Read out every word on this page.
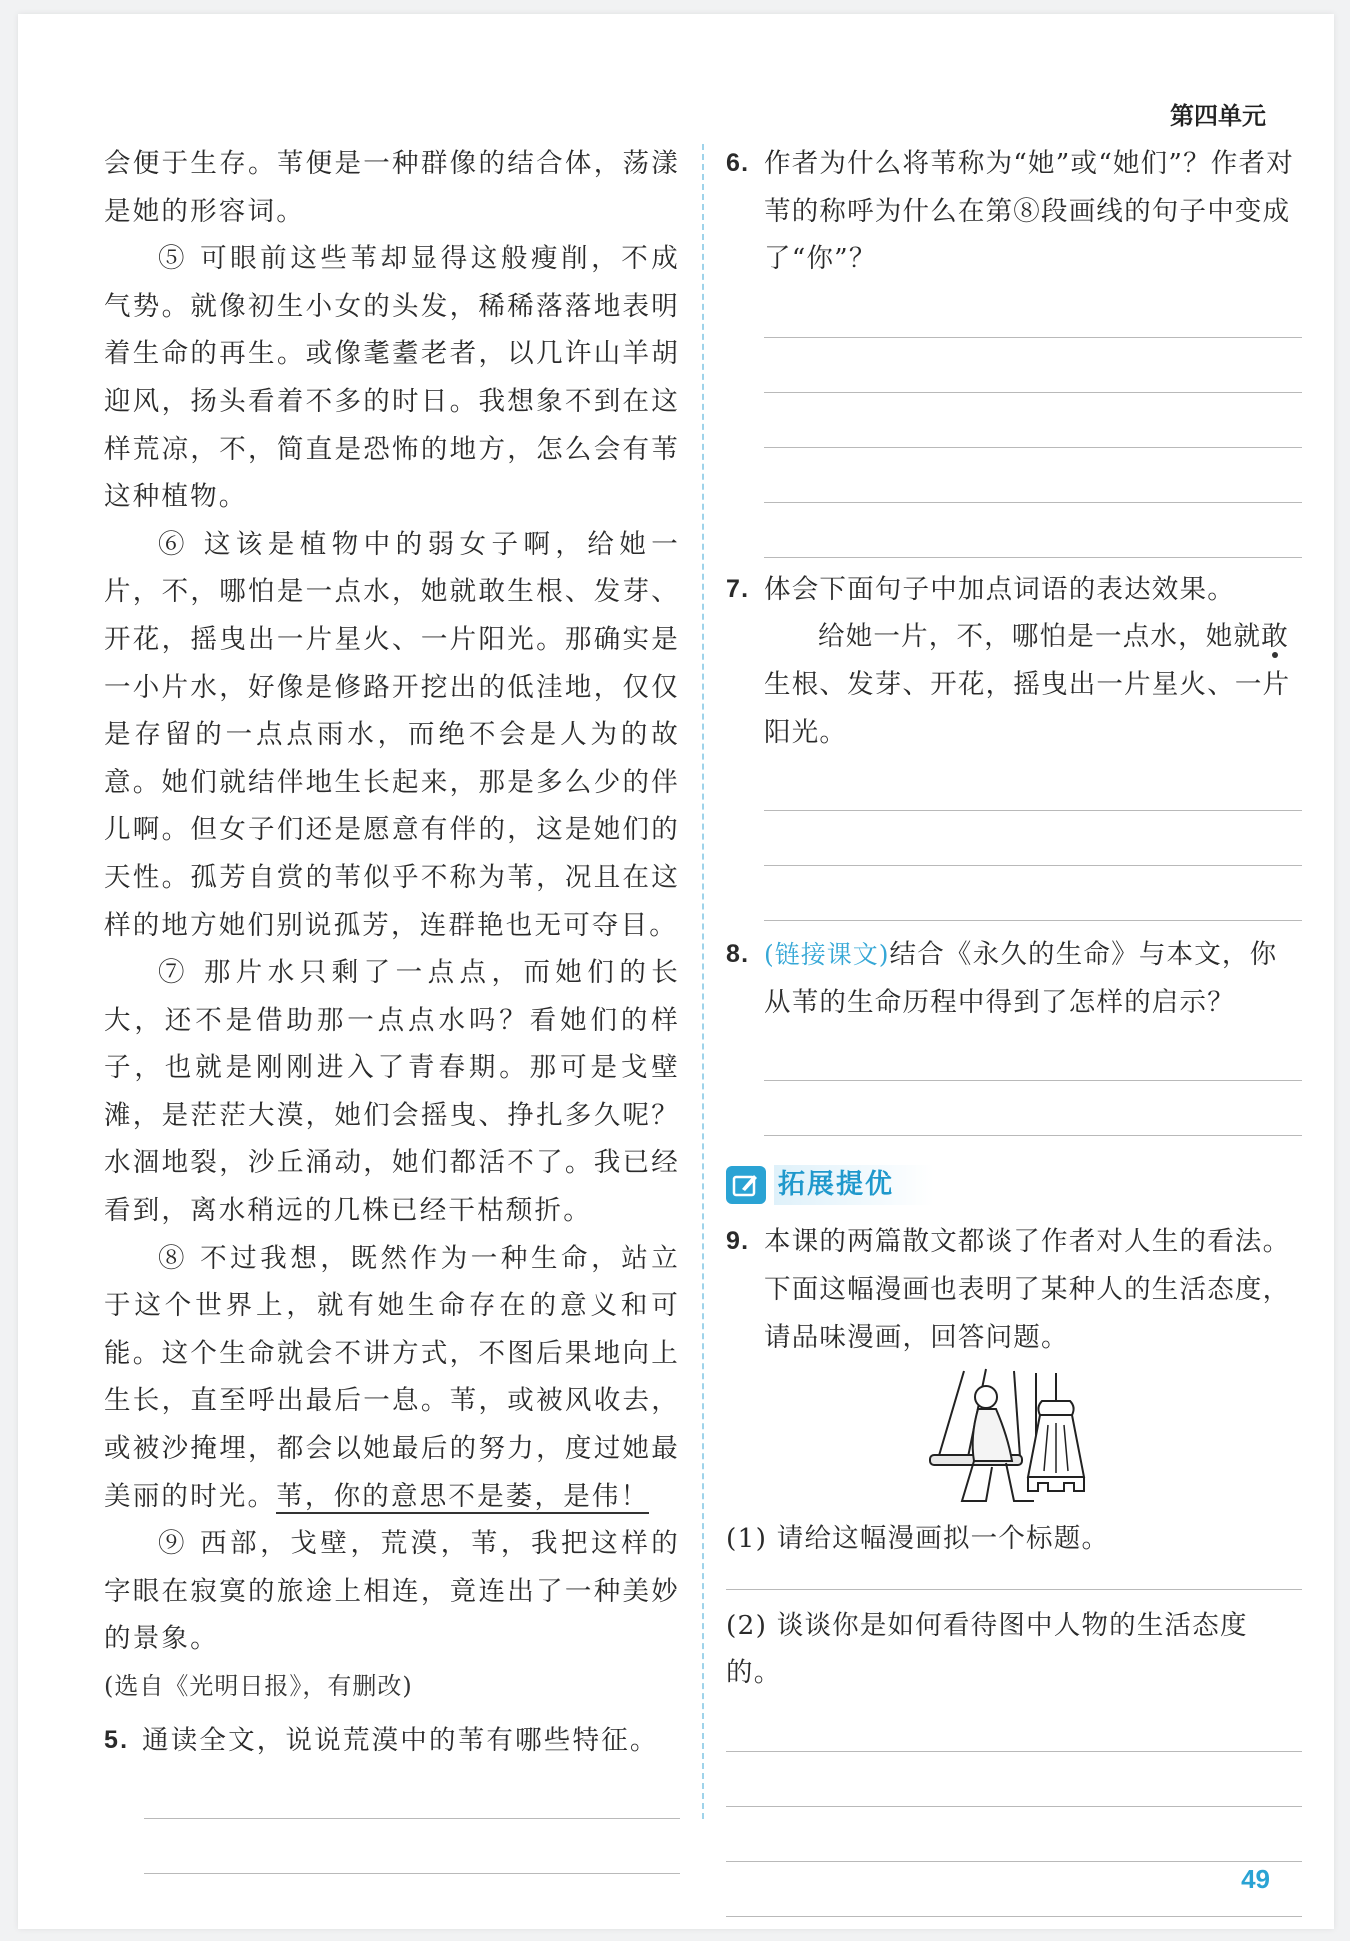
第四单元

会便于生存。苇便是一种群像的结合体，荡漾是她的形容词。

⑤ 可眼前这些苇却显得这般瘦削，不成气势。就像初生小女的头发，稀稀落落地表明着生命的再生。或像耄耋老者，以几许山羊胡迎风，扬头看着不多的时日。我想象不到在这样荒凉，不，简直是恐怖的地方，怎么会有苇这种植物。

⑥ 这该是植物中的弱女子啊，给她一片，不，哪怕是一点水，她就敢生根、发芽、开花，摇曳出一片星火、一片阳光。那确实是一小片水，好像是修路开挖出的低洼地，仅仅是存留的一点点雨水，而绝不会是人为的故意。她们就结伴地生长起来，那是多么少的伴儿啊。但女子们还是愿意有伴的，这是她们的天性。孤芳自赏的苇似乎不称为苇，况且在这样的地方她们别说孤芳，连群艳也无可夺目。

⑦ 那片水只剩了一点点，而她们的长大，还不是借助那一点点水吗？看她们的样子，也就是刚刚进入了青春期。那可是戈壁滩，是茫茫大漠，她们会摇曳、挣扎多久呢？水涸地裂，沙丘涌动，她们都活不了。我已经看到，离水稍远的几株已经干枯颓折。

⑧ 不过我想，既然作为一种生命，站立于这个世界上，就有她生命存在的意义和可能。这个生命就会不讲方式，不图后果地向上生长，直至呼出最后一息。苇，或被风收去，或被沙掩埋，都会以她最后的努力，度过她最美丽的时光。苇，你的意思不是萎，是伟！

⑨ 西部，戈壁，荒漠，苇，我把这样的字眼在寂寞的旅途上相连，竟连出了一种美妙的景象。

(选自《光明日报》，有删改)

5. 通读全文，说说荒漠中的苇有哪些特征。

6. 作者为什么将苇称为“她”或“她们”？作者对苇的称呼为什么在第⑧段画线的句子中变成了“你”？

7. 体会下面句子中加点词语的表达效果。

给她一片，不，哪怕是一点水，她就敢生根、发芽、开花，摇曳出一片星火、一片阳光。

8. (链接课文)结合《永久的生命》与本文，你从苇的生命历程中得到了怎样的启示？

拓展提优
9. 本课的两篇散文都谈了作者对人生的看法。下面这幅漫画也表明了某种人的生活态度，请品味漫画，回答问题。

(1) 请给这幅漫画拟一个标题。

(2) 谈谈你是如何看待图中人物的生活态度的。

49
